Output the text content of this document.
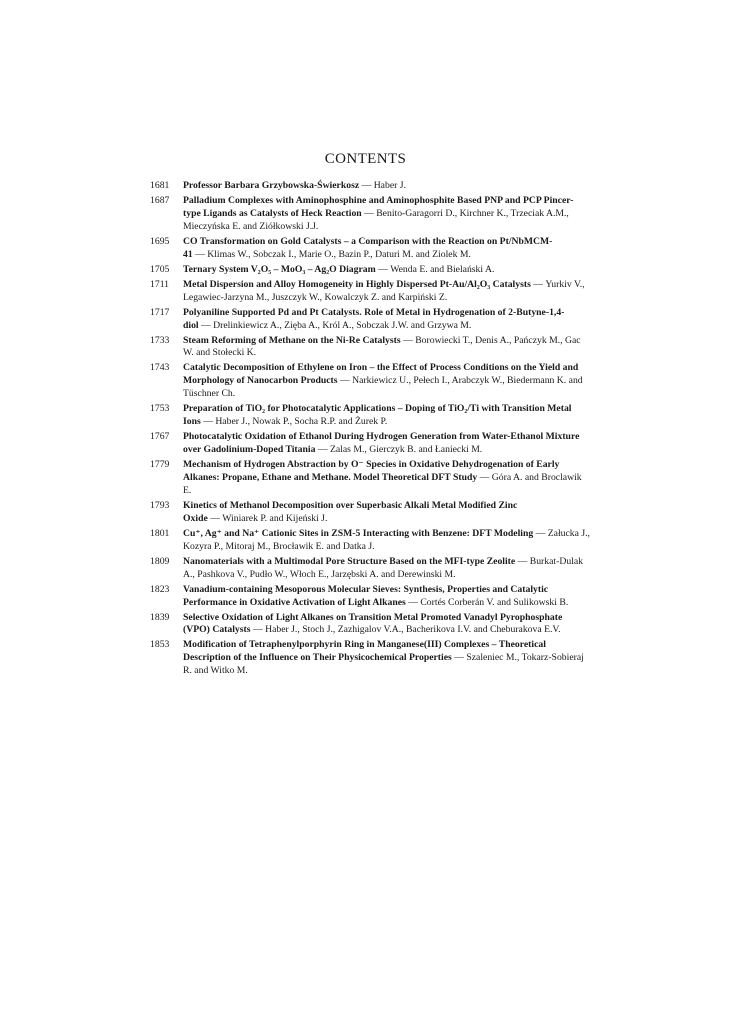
CONTENTS
1681	Professor Barbara Grzybowska-Świerkosz — Haber J.
1687	Palladium Complexes with Aminophosphine and Aminophosphite Based PNP and PCP Pincer-type Ligands as Catalysts of Heck Reaction — Benito-Garagorri D., Kirchner K., Trzeciak A.M., Mieczyńska E. and Ziółkowski J.J.
1695	CO Transformation on Gold Catalysts – a Comparison with the Reaction on Pt/NbMCM-41 — Klimas W., Sobczak I., Marie O., Bazin P., Daturi M. and Ziolek M.
1705	Ternary System V₂O₅ – MoO₃ – Ag₂O Diagram — Wenda E. and Bielański A.
1711	Metal Dispersion and Alloy Homogeneity in Highly Dispersed Pt-Au/Al₂O₃ Catalysts — Yurkiv V., Legawiec-Jarzyna M., Juszczyk W., Kowalczyk Z. and Karpiński Z.
1717	Polyaniline Supported Pd and Pt Catalysts. Role of Metal in Hydrogenation of 2-Butyne-1,4-diol — Drelinkiewicz A., Zięba A., Król A., Sobczak J.W. and Grzywa M.
1733	Steam Reforming of Methane on the Ni-Re Catalysts — Borowiecki T., Denis A., Pańczyk M., Gac W. and Stołecki K.
1743	Catalytic Decomposition of Ethylene on Iron – the Effect of Process Conditions on the Yield and Morphology of Nanocarbon Products — Narkiewicz U., Pełech I., Arabczyk W., Biedermann K. and Tüschner Ch.
1753	Preparation of TiO₂ for Photocatalytic Applications – Doping of TiO₂/Ti with Transition Metal Ions — Haber J., Nowak P., Socha R.P. and Żurek P.
1767	Photocatalytic Oxidation of Ethanol During Hydrogen Generation from Water-Ethanol Mixture over Gadolinium-Doped Titania — Zalas M., Gierczyk B. and Łaniecki M.
1779	Mechanism of Hydrogen Abstraction by O⁻ Species in Oxidative Dehydrogenation of Early Alkanes: Propane, Ethane and Methane. Model Theoretical DFT Study — Góra A. and Broclawik E.
1793	Kinetics of Methanol Decomposition over Superbasic Alkali Metal Modified Zinc Oxide — Winiarek P. and Kijeński J.
1801	Cu⁺, Ag⁺ and Na⁺ Cationic Sites in ZSM-5 Interacting with Benzene: DFT Modeling — Załucka J., Kozyra P., Mitoraj M., Brocławik E. and Datka J.
1809	Nanomaterials with a Multimodal Pore Structure Based on the MFI-type Zeolite — Burkat-Dulak A., Pashkova V., Pudło W., Włoch E., Jarzębski A. and Derewinski M.
1823	Vanadium-containing Mesoporous Molecular Sieves: Synthesis, Properties and Catalytic Performance in Oxidative Activation of Light Alkanes — Cortés Corberán V. and Sulikowski B.
1839	Selective Oxidation of Light Alkanes on Transition Metal Promoted Vanadyl Pyrophosphate (VPO) Catalysts — Haber J., Stoch J., Zazhigalov V.A., Bacherikova I.V. and Cheburakova E.V.
1853	Modification of Tetraphenylporphyrin Ring in Manganese(III) Complexes – Theoretical Description of the Influence on Their Physicochemical Properties — Szaleniec M., Tokarz-Sobieraj R. and Witko M.
